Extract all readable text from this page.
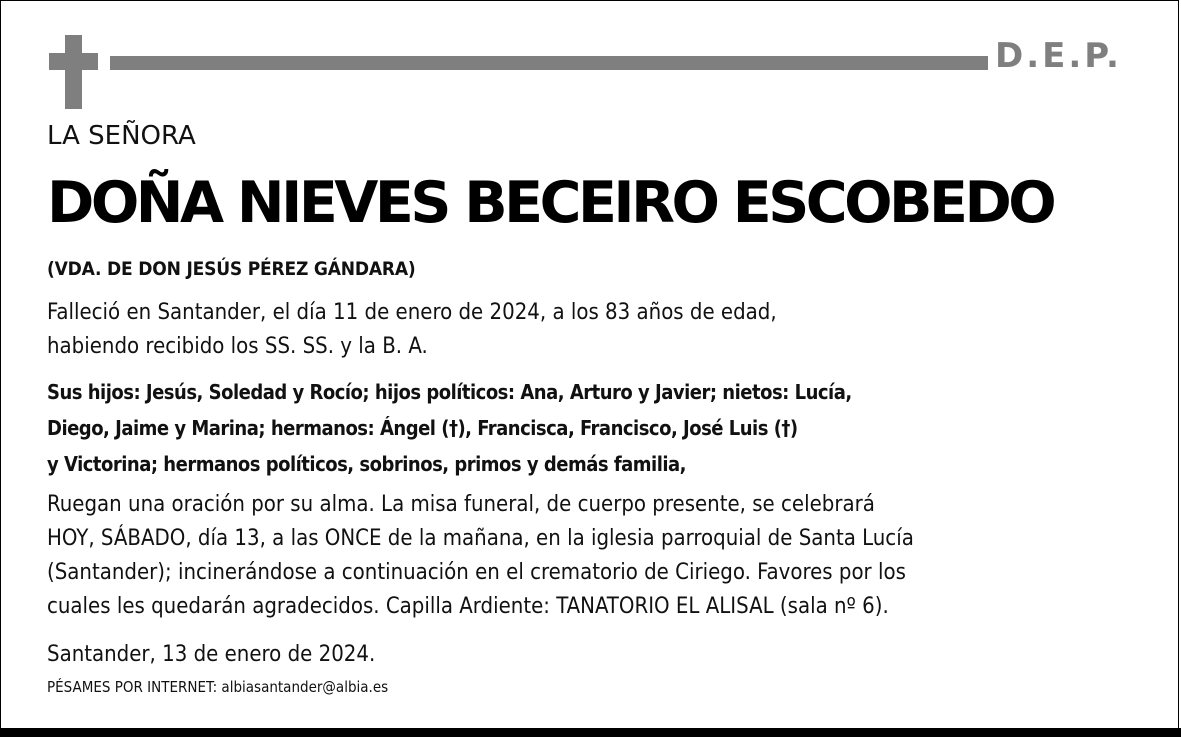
D.E.P.
LA SEÑORA
DOÑA NIEVES BECEIRO ESCOBEDO
(VDA. DE DON JESÚS PÉREZ GÁNDARA)
Falleció en Santander, el día 11 de enero de 2024, a los 83 años de edad,
habiendo recibido los SS. SS. y la B. A.
Sus hijos: Jesús, Soledad y Rocío; hijos políticos: Ana, Arturo y Javier; nietos: Lucía,
Diego, Jaime y Marina; hermanos: Ángel (†), Francisca, Francisco, José Luis (†)
y Victorina; hermanos políticos, sobrinos, primos y demás familia,
Ruegan una oración por su alma. La misa funeral, de cuerpo presente, se celebrará
HOY, SÁBADO, día 13, a las ONCE de la mañana, en la iglesia parroquial de Santa Lucía
(Santander); incinerándose a continuación en el crematorio de Ciriego. Favores por los
cuales les quedarán agradecidos. Capilla Ardiente: TANATORIO EL ALISAL (sala nº 6).
Santander, 13 de enero de 2024.
PÉSAMES POR INTERNET: albiasantander@albia.es
